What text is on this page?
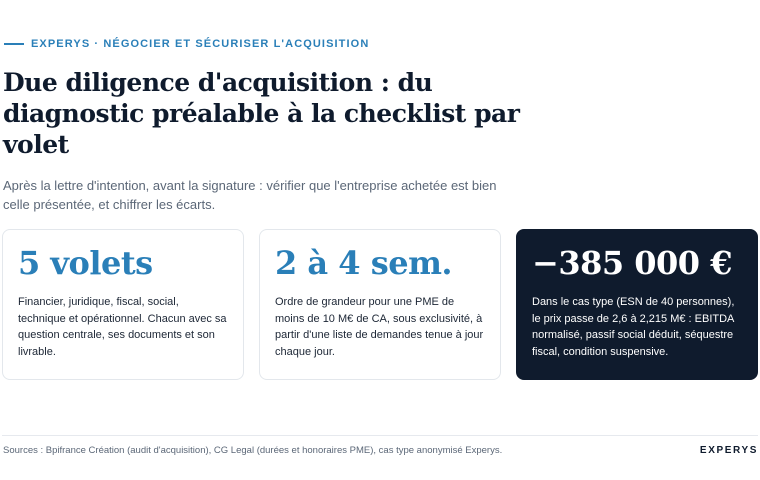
EXPERYS · NÉGOCIER ET SÉCURISER L'ACQUISITION
Due diligence d'acquisition : du diagnostic préalable à la checklist par volet

Après la lettre d'intention, avant la signature : vérifier que l'entreprise achetée est bien celle présentée, et chiffrer les écarts.

5 volets
Financier, juridique, fiscal, social, technique et opérationnel. Chacun avec sa question centrale, ses documents et son livrable.
2 à 4 sem.
Ordre de grandeur pour une PME de moins de 10 M€ de CA, sous exclusivité, à partir d'une liste de demandes tenue à jour chaque jour.
−385 000 €
Dans le cas type (ESN de 40 personnes), le prix passe de 2,6 à 2,215 M€ : EBITDA normalisé, passif social déduit, séquestre fiscal, condition suspensive.
Sources : Bpifrance Création (audit d'acquisition), CG Legal (durées et honoraires PME), cas type anonymisé Experys.	EXPERYS
